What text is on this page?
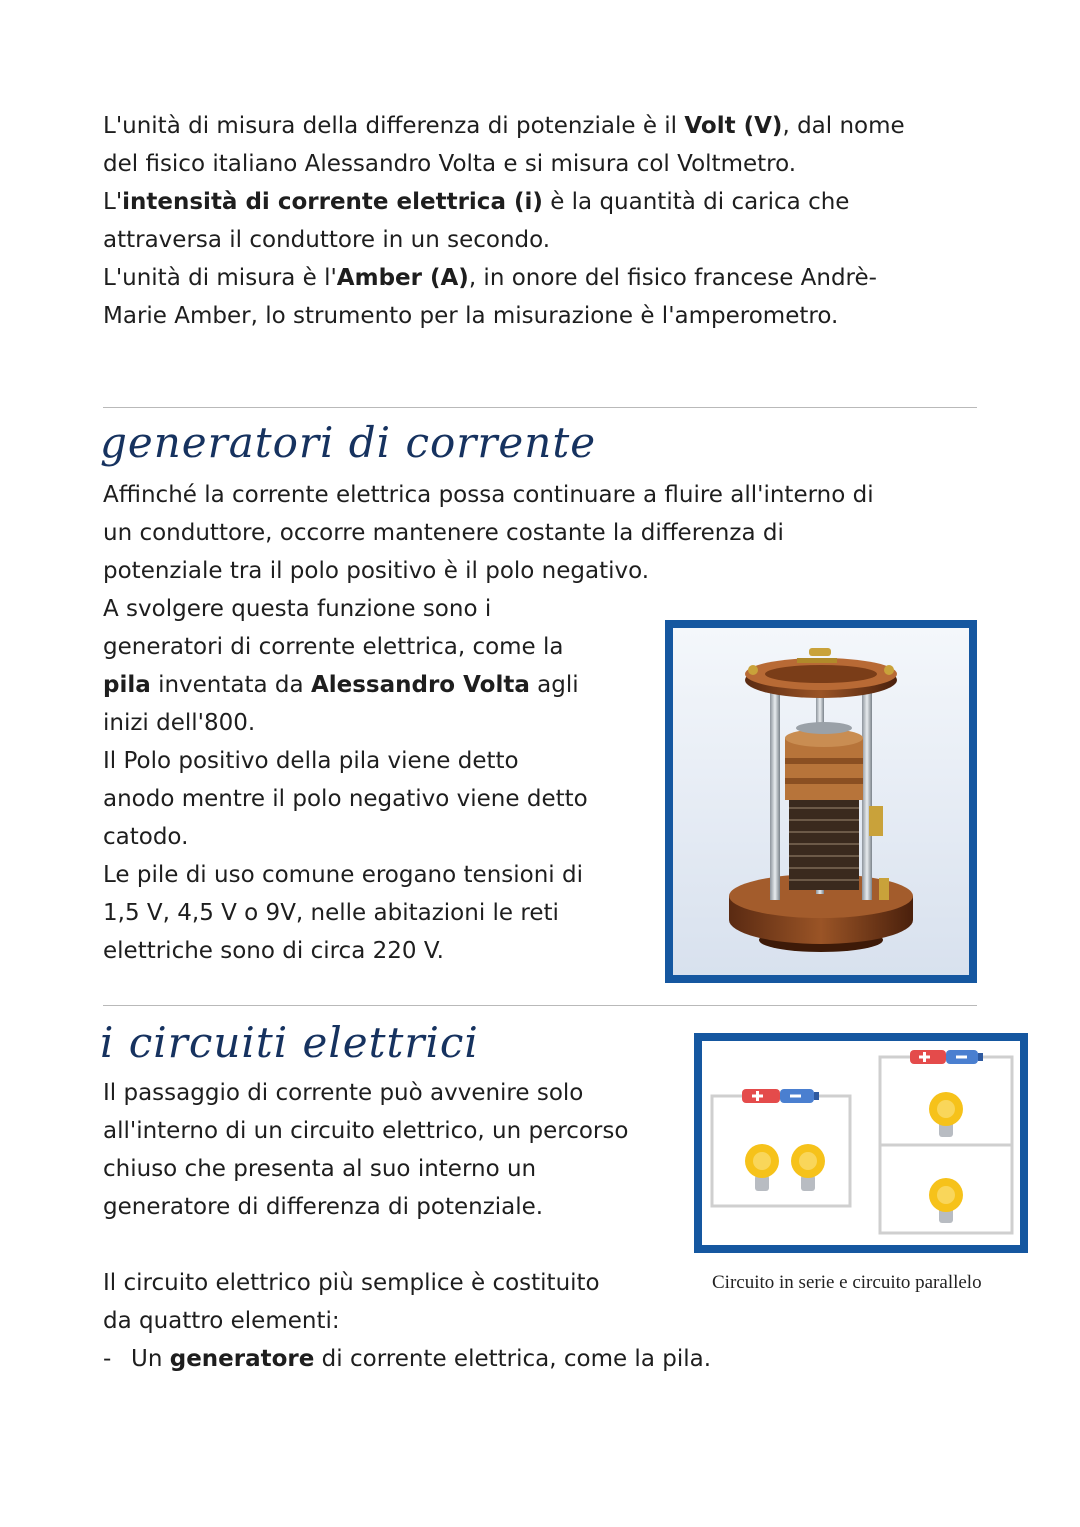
L'unità di misura della differenza di potenziale è il Volt (V), dal nome
del fisico italiano Alessandro Volta e si misura col Voltmetro.
L'intensità di corrente elettrica (i) è la quantità di carica che
attraversa il conduttore in un secondo.
L'unità di misura è l'Amber (A), in onore del fisico francese Andrè-
Marie Amber, lo strumento per la misurazione è l'amperometro.
generatori di corrente
Affinché la corrente elettrica possa continuare a fluire all'interno di
un conduttore, occorre mantenere costante la differenza di
potenziale tra il polo positivo è il polo negativo.
A svolgere questa funzione sono i
generatori di corrente elettrica, come la
pila inventata da Alessandro Volta agli
inizi dell'800.
Il Polo positivo della pila viene detto
anodo mentre il polo negativo viene detto
catodo.
Le pile di uso comune erogano tensioni di
1,5 V, 4,5 V o 9V, nelle abitazioni le reti
elettriche sono di circa 220 V.
i circuiti elettrici
Il passaggio di corrente può avvenire solo
all'interno di un circuito elettrico, un percorso
chiuso che presenta al suo interno un
generatore di differenza di potenziale.
Circuito in serie e circuito parallelo
Il circuito elettrico più semplice è costituito
da quattro elementi:
- Un generatore di corrente elettrica, come la pila.
